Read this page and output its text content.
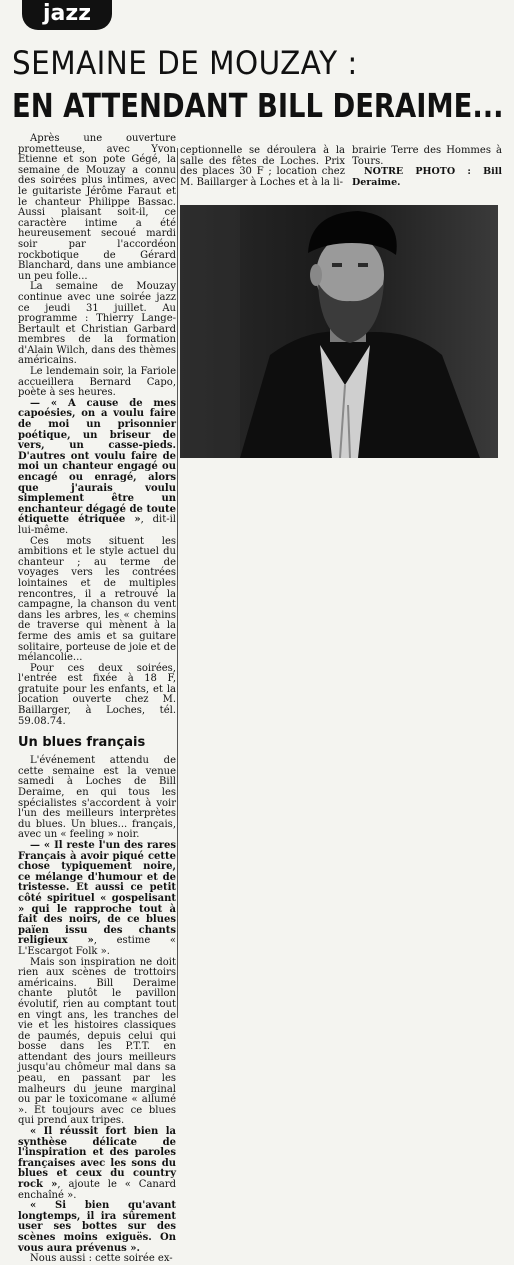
jazz
SEMAINE DE MOUZAY :
EN ATTENDANT BILL DERAIME...

Après une ouverture prometteuse, avec Yvon Etienne et son pote Gégé, la semaine de Mouzay a connu des soirées plus intimes, avec le guitariste Jérôme Faraut et le chanteur Philippe Bassac. Aussi plaisant soit-il, ce caractère intime a été heureusement secoué mardi soir par l'accordéon rockbotique de Gérard Blanchard, dans une ambiance un peu folle...

La semaine de Mouzay continue avec une soirée jazz ce jeudi 31 juillet. Au programme : Thierry Lange-Bertault et Christian Garbard membres de la formation d'Alain Wilch, dans des thèmes américains.

Le lendemain soir, la Fariole accueillera Bernard Capo, poète à ses heures.

— « A cause de mes capoésies, on a voulu faire de moi un prisonnier poétique, un briseur de vers, un casse-pieds. D'autres ont voulu faire de moi un chanteur engagé ou encagé ou enragé, alors que j'aurais voulu simplement être un enchanteur dégagé de toute étiquette étriquée », dit-il lui-même.

Ces mots situent les ambitions et le style actuel du chanteur ; au terme de voyages vers les contrées lointaines et de multiples rencontres, il a retrouvé la campagne, la chanson du vent dans les arbres, les « chemins de traverse qui mènent à la ferme des amis et sa guitare solitaire, porteuse de joie et de mélancolie...

Pour ces deux soirées, l'entrée est fixée à 18 F, gratuite pour les enfants, et la location ouverte chez M. Baillarger, à Loches, tél. 59.08.74.

Un blues français

L'événement attendu de cette semaine est la venue samedi à Loches de Bill Deraime, en qui tous les spécialistes s'accordent à voir l'un des meilleurs interprètes du blues. Un blues... français, avec un « feeling » noir.

— « Il reste l'un des rares Français à avoir piqué cette chose typiquement noire, ce mélange d'humour et de tristesse. Et aussi ce petit côté spirituel « gospelisant » qui le rapproche tout à fait des noirs, de ce blues païen issu des chants religieux », estime « L'Escargot Folk ».

Mais son inspiration ne doit rien aux scènes de trottoirs américains. Bill Deraime chante plutôt le pavillon évolutif, rien au comptant tout en vingt ans, les tranches de vie et les histoires classiques de paumés, depuis celui qui bosse dans les P.T.T. en attendant des jours meilleurs jusqu'au chômeur mal dans sa peau, en passant par les malheurs du jeune marginal ou par le toxicomane « allumé ». Et toujours avec ce blues qui prend aux tripes.

« Il réussit fort bien la synthèse délicate de l'inspiration et des paroles françaises avec les sons du blues et ceux du country rock », ajoute le « Canard enchaîné ».

« Si bien qu'avant longtemps, il ira sûrement user ses bottes sur des scènes moins exiguës. On vous aura prévenus ».

Nous aussi : cette soirée ex-

ceptionnelle se déroulera à la salle des fêtes de Loches. Prix des places 30 F ; location chez M. Baillarger à Loches et à la li-

brairie Terre des Hommes à Tours.

NOTRE PHOTO : Bill Deraime.
